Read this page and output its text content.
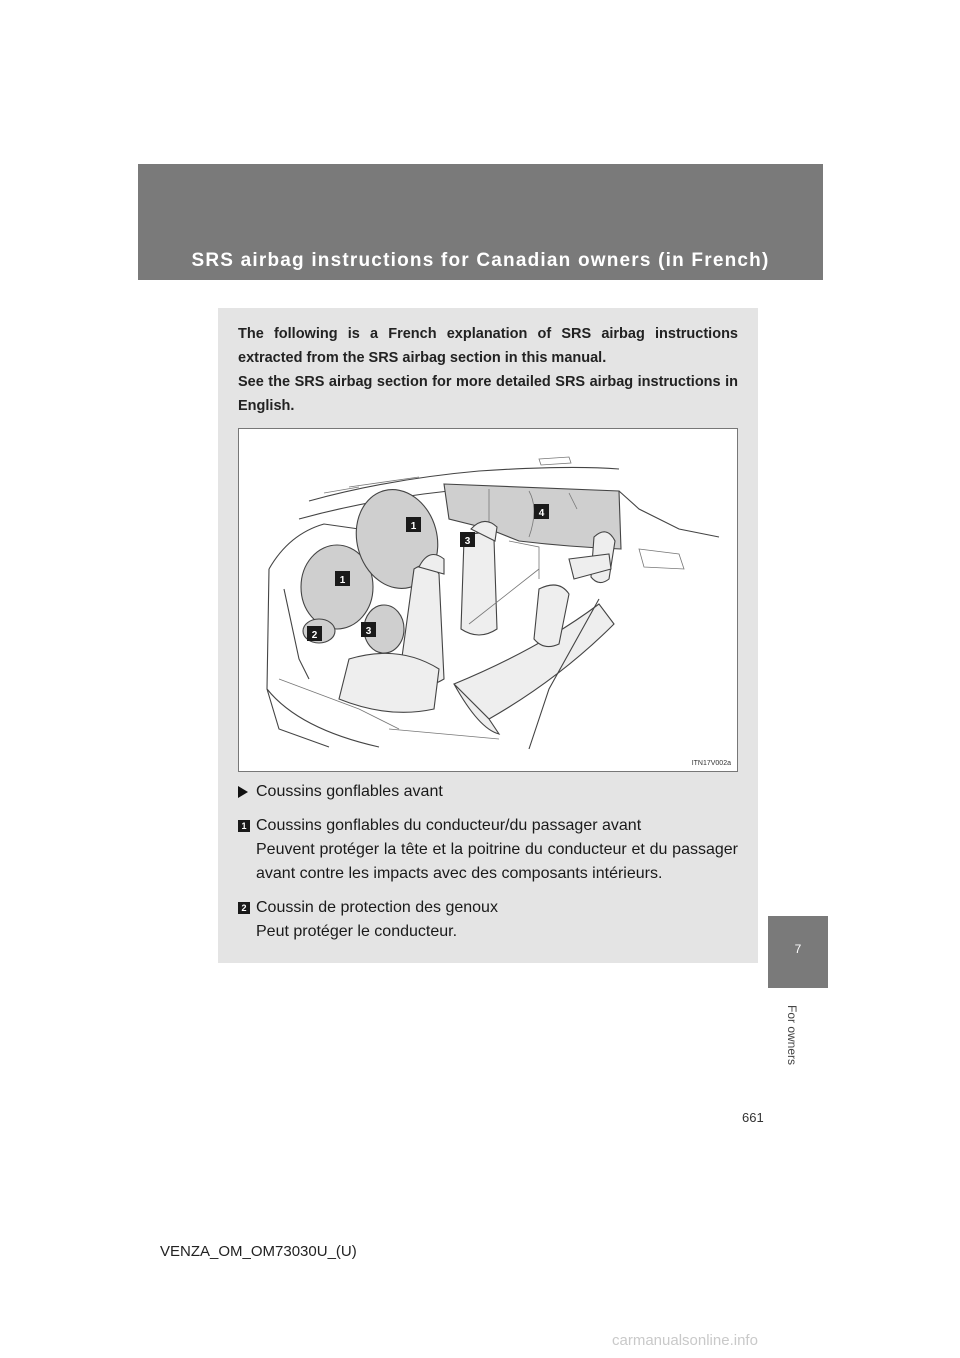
SRS airbag instructions for Canadian owners (in French)

The following is a French explanation of SRS airbag instructions extracted from the SRS airbag section in this manual.

See the SRS airbag section for more detailed SRS airbag instructions in English.

1
1
2
3
3
4
ITN17V002a
Coussins gonflables avant
1 Coussins gonflables du conducteur/du passager avant
Peuvent protéger la tête et la poitrine du conducteur et du passager avant contre les impacts avec des composants intérieurs.
2 Coussin de protection des genoux
Peut protéger le conducteur.
7
For owners
661
VENZA_OM_OM73030U_(U)
carmanualsonline.info
